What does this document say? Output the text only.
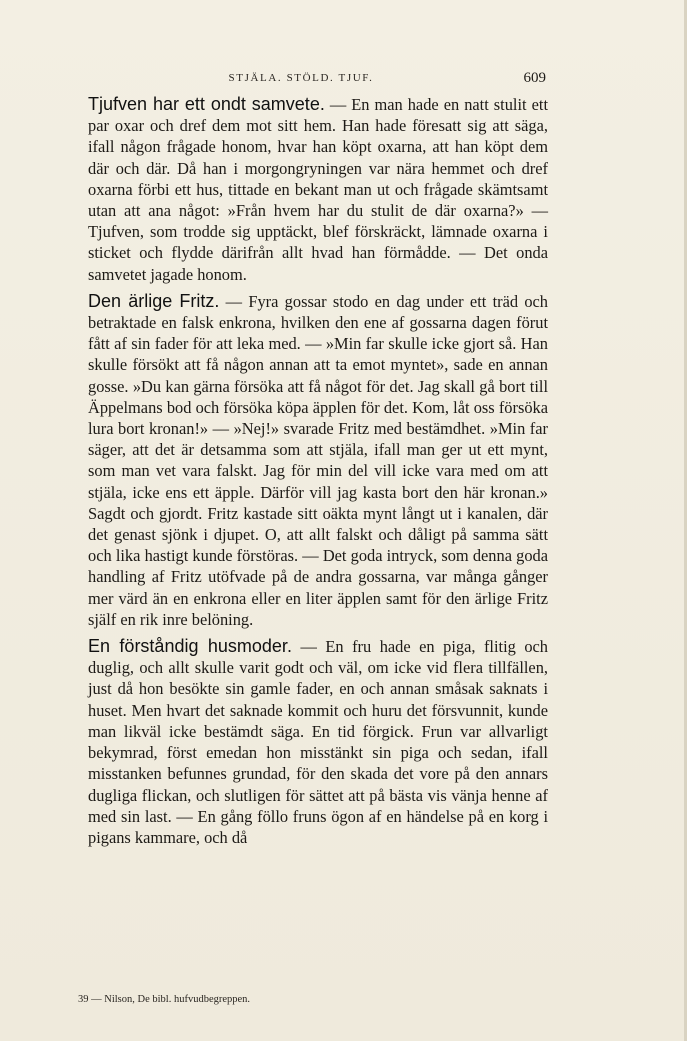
STJÄLA. STÖLD. TJUF.	609

Tjufven har ett ondt samvete. — En man hade en natt stulit ett par oxar och dref dem mot sitt hem. Han hade föresatt sig att säga, ifall någon frågade honom, hvar han köpt oxarna, att han köpt dem där och där. Då han i morgongryningen var nära hemmet och dref oxarna förbi ett hus, tittade en bekant man ut och frågade skämtsamt utan att ana något: »Från hvem har du stulit de där oxarna?» — Tjufven, som trodde sig upptäckt, blef förskräckt, lämnade oxarna i sticket och flydde därifrån allt hvad han förmådde. — Det onda samvetet jagade honom.

Den ärlige Fritz. — Fyra gossar stodo en dag under ett träd och betraktade en falsk enkrona, hvilken den ene af gossarna dagen förut fått af sin fader för att leka med. — »Min far skulle icke gjort så. Han skulle försökt att få någon annan att ta emot myntet», sade en annan gosse. »Du kan gärna försöka att få något för det. Jag skall gå bort till Äppelmans bod och försöka köpa äpplen för det. Kom, låt oss försöka lura bort kronan!» — »Nej!» svarade Fritz med bestämdhet. »Min far säger, att det är detsamma som att stjäla, ifall man ger ut ett mynt, som man vet vara falskt. Jag för min del vill icke vara med om att stjäla, icke ens ett äpple. Därför vill jag kasta bort den här kronan.» Sagdt och gjordt. Fritz kastade sitt oäkta mynt långt ut i kanalen, där det genast sjönk i djupet. O, att allt falskt och dåligt på samma sätt och lika hastigt kunde förstöras. — Det goda intryck, som denna goda handling af Fritz utöfvade på de andra gossarna, var många gånger mer värd än en enkrona eller en liter äpplen samt för den ärlige Fritz själf en rik inre belöning.

En förståndig husmoder. — En fru hade en piga, flitig och duglig, och allt skulle varit godt och väl, om icke vid flera tillfällen, just då hon besökte sin gamle fader, en och annan småsak saknats i huset. Men hvart det saknade kommit och huru det försvunnit, kunde man likväl icke bestämdt säga. En tid förgick. Frun var allvarligt bekymrad, först emedan hon misstänkt sin piga och sedan, ifall misstanken befunnes grundad, för den skada det vore på den annars dugliga flickan, och slutligen för sättet att på bästa vis vänja henne af med sin last. — En gång föllo fruns ögon af en händelse på en korg i pigans kammare, och då

39 — Nilson, De bibl. hufvudbegreppen.
